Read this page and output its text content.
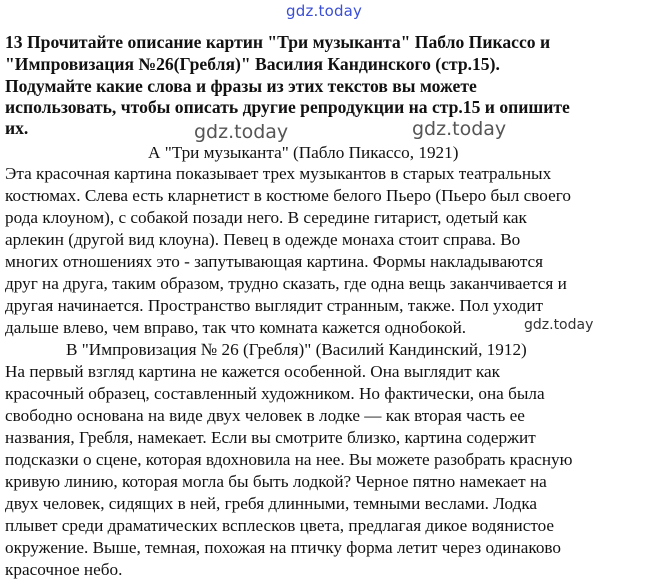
gdz.today
gdz.today	gdz.today
gdz.today
13 Прочитайте описание картин "Три музыканта" Пабло Пикассо и
"Импровизация №26(Гребля)" Василия Кандинского (стр.15).
Подумайте какие слова и фразы из этих текстов вы можете
использовать, чтобы описать другие репродукции на стр.15 и опишите
их.
А "Три музыканта" (Пабло Пикассо, 1921)
Эта красочная картина показывает трех музыкантов в старых театральных
костюмах. Слева есть кларнетист в костюме белого Пьеро (Пьеро был своего
рода клоуном), с собакой позади него. В середине гитарист, одетый как
арлекин (другой вид клоуна). Певец в одежде монаха стоит справа. Во
многих отношениях это - запутывающая картина. Формы накладываются
друг на друга, таким образом, трудно сказать, где одна вещь заканчивается и
другая начинается. Пространство выглядит странным, также. Пол уходит
дальше влево, чем вправо, так что комната кажется однобокой.
В "Импровизация № 26 (Гребля)" (Василий Кандинский, 1912)
На первый взгляд картина не кажется особенной. Она выглядит как
красочный образец, составленный художником. Но фактически, она была
свободно основана на виде двух человек в лодке — как вторая часть ее
названия, Гребля, намекает. Если вы смотрите близко, картина содержит
подсказки о сцене, которая вдохновила на нее. Вы можете разобрать красную
кривую линию, которая могла бы быть лодкой? Черное пятно намекает на
двух человек, сидящих в ней, гребя длинными, темными веслами. Лодка
плывет среди драматических всплесков цвета, предлагая дикое водянистое
окружение. Выше, темная, похожая на птичку форма летит через одинаково
красочное небо.
